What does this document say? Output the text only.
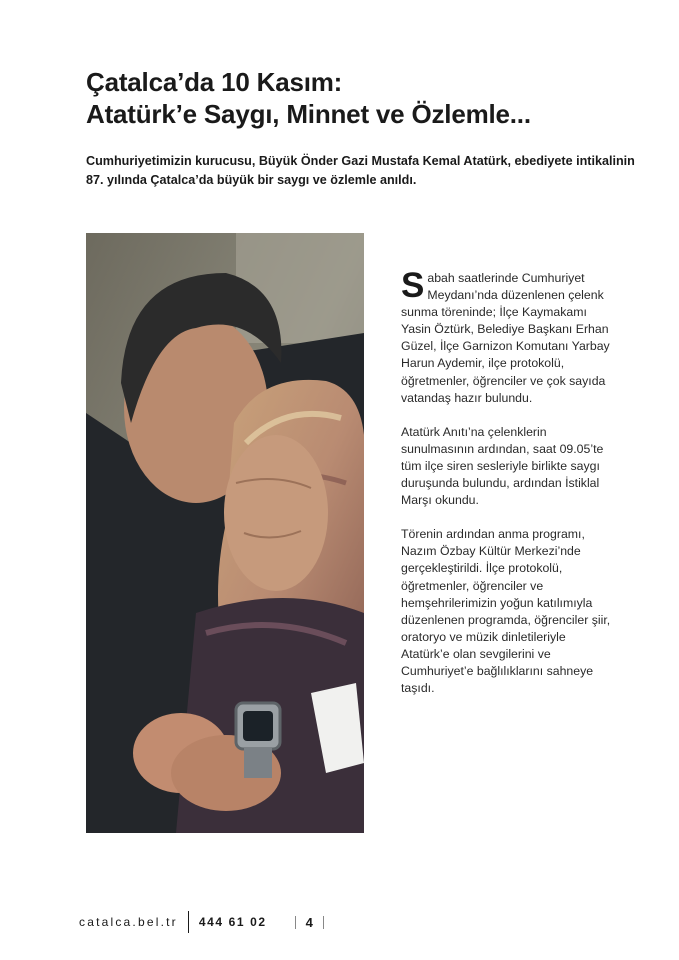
Çatalca’da 10 Kasım:
Atatürk’e Saygı, Minnet ve Özlemle...

Cumhuriyetimizin kurucusu, Büyük Önder Gazi Mustafa Kemal Atatürk, ebediyete intikalinin 87. yılında Çatalca’da büyük bir saygı ve özlemle anıldı.

Sabah saatlerinde Cumhuriyet Meydanı’nda düzenlenen çelenk sunma töreninde; İlçe Kaymakamı Yasin Öztürk, Belediye Başkanı Erhan Güzel, İlçe Garnizon Komutanı Yarbay Harun Aydemir, ilçe protokolü, öğretmenler, öğrenciler ve çok sayıda vatandaş hazır bulundu.

Atatürk Anıtı’na çelenklerin sunulmasının ardından, saat 09.05’te tüm ilçe siren sesleriyle birlikte saygı duruşunda bulundu, ardından İstiklal Marşı okundu.

Törenin ardından anma programı, Nazım Özbay Kültür Merkezi’nde gerçekleştirildi. İlçe protokolü, öğretmenler, öğrenciler ve hemşehrilerimizin yoğun katılımıyla düzenlenen programda, öğrenciler şiir, oratoryo ve müzik dinletileriyle Atatürk’e olan sevgilerini ve Cumhuriyet’e bağlılıklarını sahneye taşıdı.

catalca.bel.tr 444 61 02	4
